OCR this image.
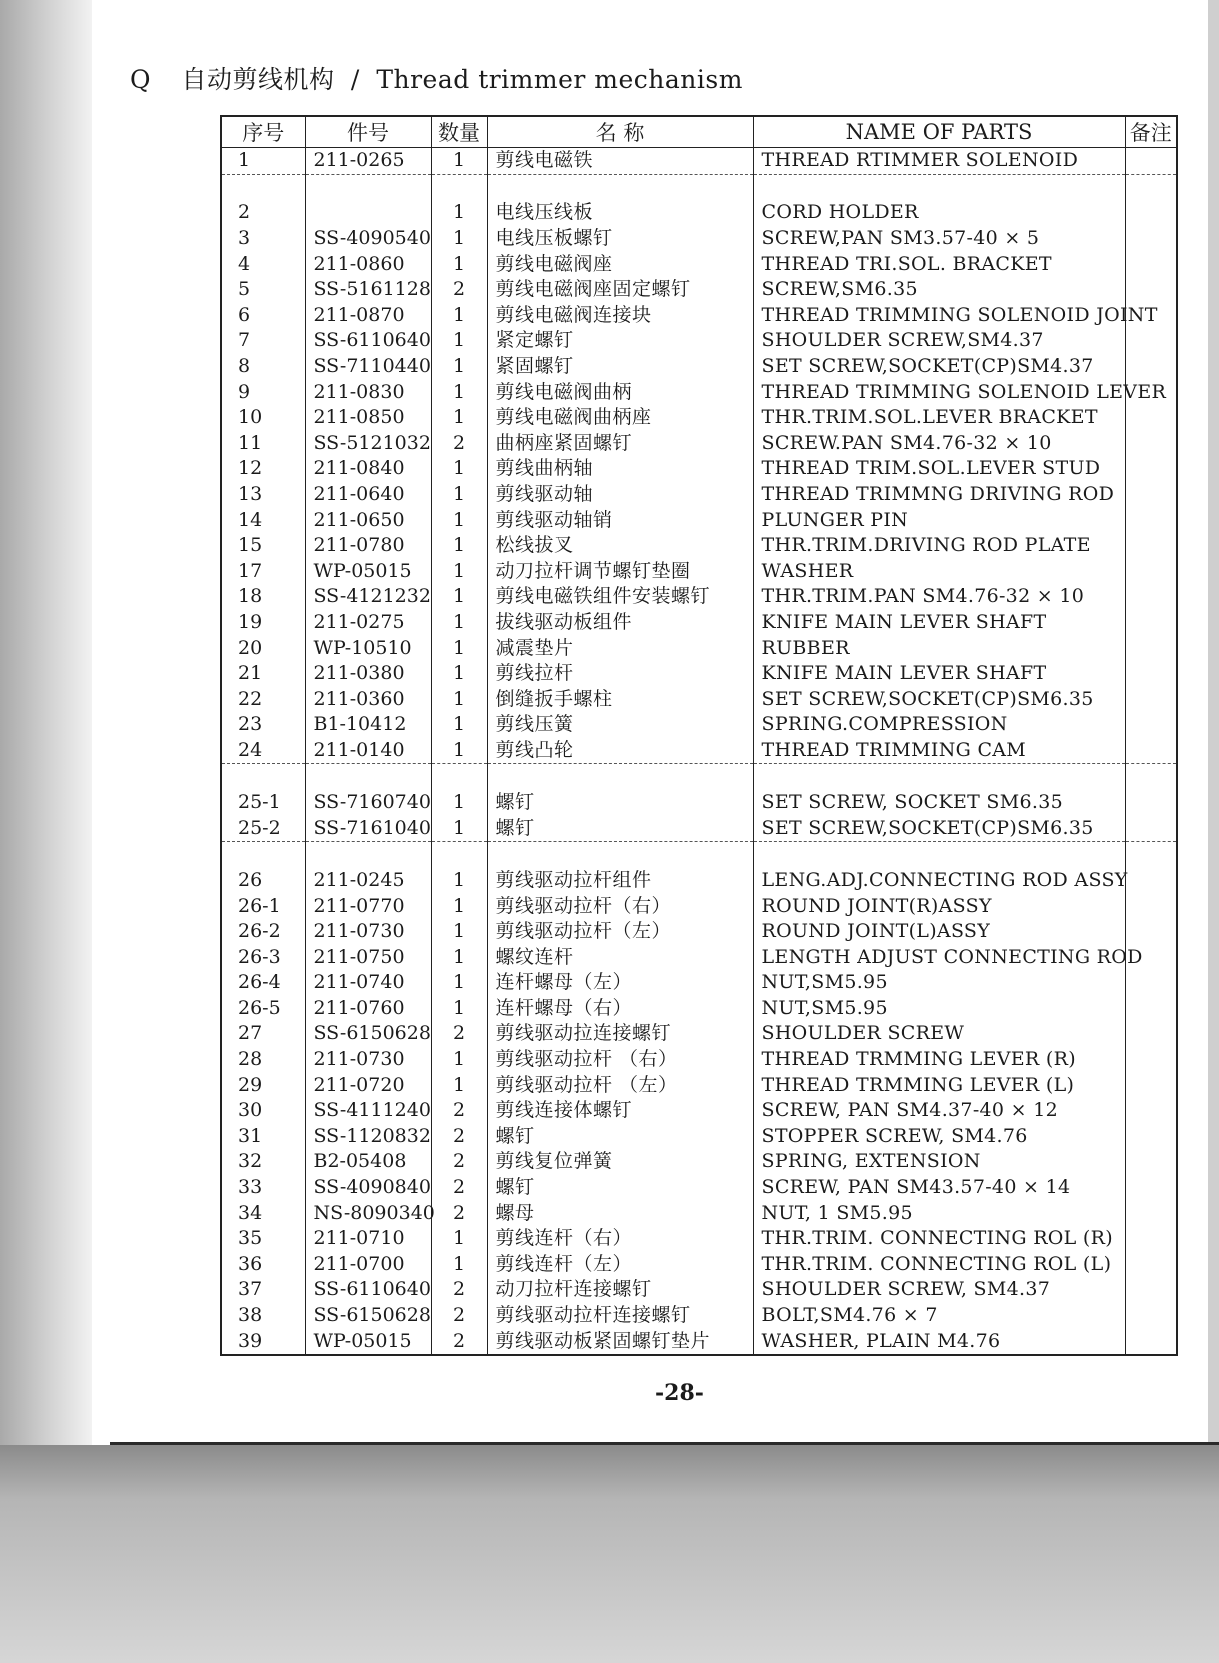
Q 自动剪线机构 / Thread trimmer mechanism
序号	件号	数量	名 称	NAME OF PARTS	备注
1	211-0265	1	剪线电磁铁	THREAD RTIMMER SOLENOID	

2		1	电线压线板	CORD HOLDER	
3	SS-4090540	1	电线压板螺钉	SCREW,PAN SM3.57-40 × 5	
4	211-0860	1	剪线电磁阀座	THREAD TRI.SOL. BRACKET	
5	SS-5161128	2	剪线电磁阀座固定螺钉	SCREW,SM6.35	
6	211-0870	1	剪线电磁阀连接块	THREAD TRIMMING SOLENOID JOINT	
7	SS-6110640	1	紧定螺钉	SHOULDER SCREW,SM4.37	
8	SS-7110440	1	紧固螺钉	SET SCREW,SOCKET(CP)SM4.37	
9	211-0830	1	剪线电磁阀曲柄	THREAD TRIMMING SOLENOID LEVER	
10	211-0850	1	剪线电磁阀曲柄座	THR.TRIM.SOL.LEVER BRACKET	
11	SS-5121032	2	曲柄座紧固螺钉	SCREW.PAN SM4.76-32 × 10	
12	211-0840	1	剪线曲柄轴	THREAD TRIM.SOL.LEVER STUD	
13	211-0640	1	剪线驱动轴	THREAD TRIMMNG DRIVING ROD	
14	211-0650	1	剪线驱动轴销	PLUNGER PIN	
15	211-0780	1	松线拔叉	THR.TRIM.DRIVING ROD PLATE	
17	WP-05015	1	动刀拉杆调节螺钉垫圈	WASHER	
18	SS-4121232	1	剪线电磁铁组件安装螺钉	THR.TRIM.PAN SM4.76-32 × 10	
19	211-0275	1	拔线驱动板组件	KNIFE MAIN LEVER SHAFT	
20	WP-10510	1	减震垫片	RUBBER	
21	211-0380	1	剪线拉杆	KNIFE MAIN LEVER SHAFT	
22	211-0360	1	倒缝扳手螺柱	SET SCREW,SOCKET(CP)SM6.35	
23	B1-10412	1	剪线压簧	SPRING.COMPRESSION	
24	211-0140	1	剪线凸轮	THREAD TRIMMING CAM	

25-1	SS-7160740	1	螺钉	SET SCREW, SOCKET SM6.35	
25-2	SS-7161040	1	螺钉	SET SCREW,SOCKET(CP)SM6.35	

26	211-0245	1	剪线驱动拉杆组件	LENG.ADJ.CONNECTING ROD ASSY	
26-1	211-0770	1	剪线驱动拉杆（右）	ROUND JOINT(R)ASSY	
26-2	211-0730	1	剪线驱动拉杆（左）	ROUND JOINT(L)ASSY	
26-3	211-0750	1	螺纹连杆	LENGTH ADJUST CONNECTING ROD	
26-4	211-0740	1	连杆螺母（左）	NUT,SM5.95	
26-5	211-0760	1	连杆螺母（右）	NUT,SM5.95	
27	SS-6150628	2	剪线驱动拉连接螺钉	SHOULDER SCREW	
28	211-0730	1	剪线驱动拉杆 （右）	THREAD TRMMING LEVER (R)	
29	211-0720	1	剪线驱动拉杆 （左）	THREAD TRMMING LEVER (L)	
30	SS-4111240	2	剪线连接体螺钉	SCREW, PAN SM4.37-40 × 12	
31	SS-1120832	2	螺钉	STOPPER SCREW, SM4.76	
32	B2-05408	2	剪线复位弹簧	SPRING, EXTENSION	
33	SS-4090840	2	螺钉	SCREW, PAN SM43.57-40 × 14	
34	NS-8090340	2	螺母	NUT, 1 SM5.95	
35	211-0710	1	剪线连杆（右）	THR.TRIM. CONNECTING ROL (R)	
36	211-0700	1	剪线连杆（左）	THR.TRIM. CONNECTING ROL (L)	
37	SS-6110640	2	动刀拉杆连接螺钉	SHOULDER SCREW, SM4.37	
38	SS-6150628	2	剪线驱动拉杆连接螺钉	BOLT,SM4.76 × 7	
39	WP-05015	2	剪线驱动板紧固螺钉垫片	WASHER, PLAIN M4.76	
-28-
